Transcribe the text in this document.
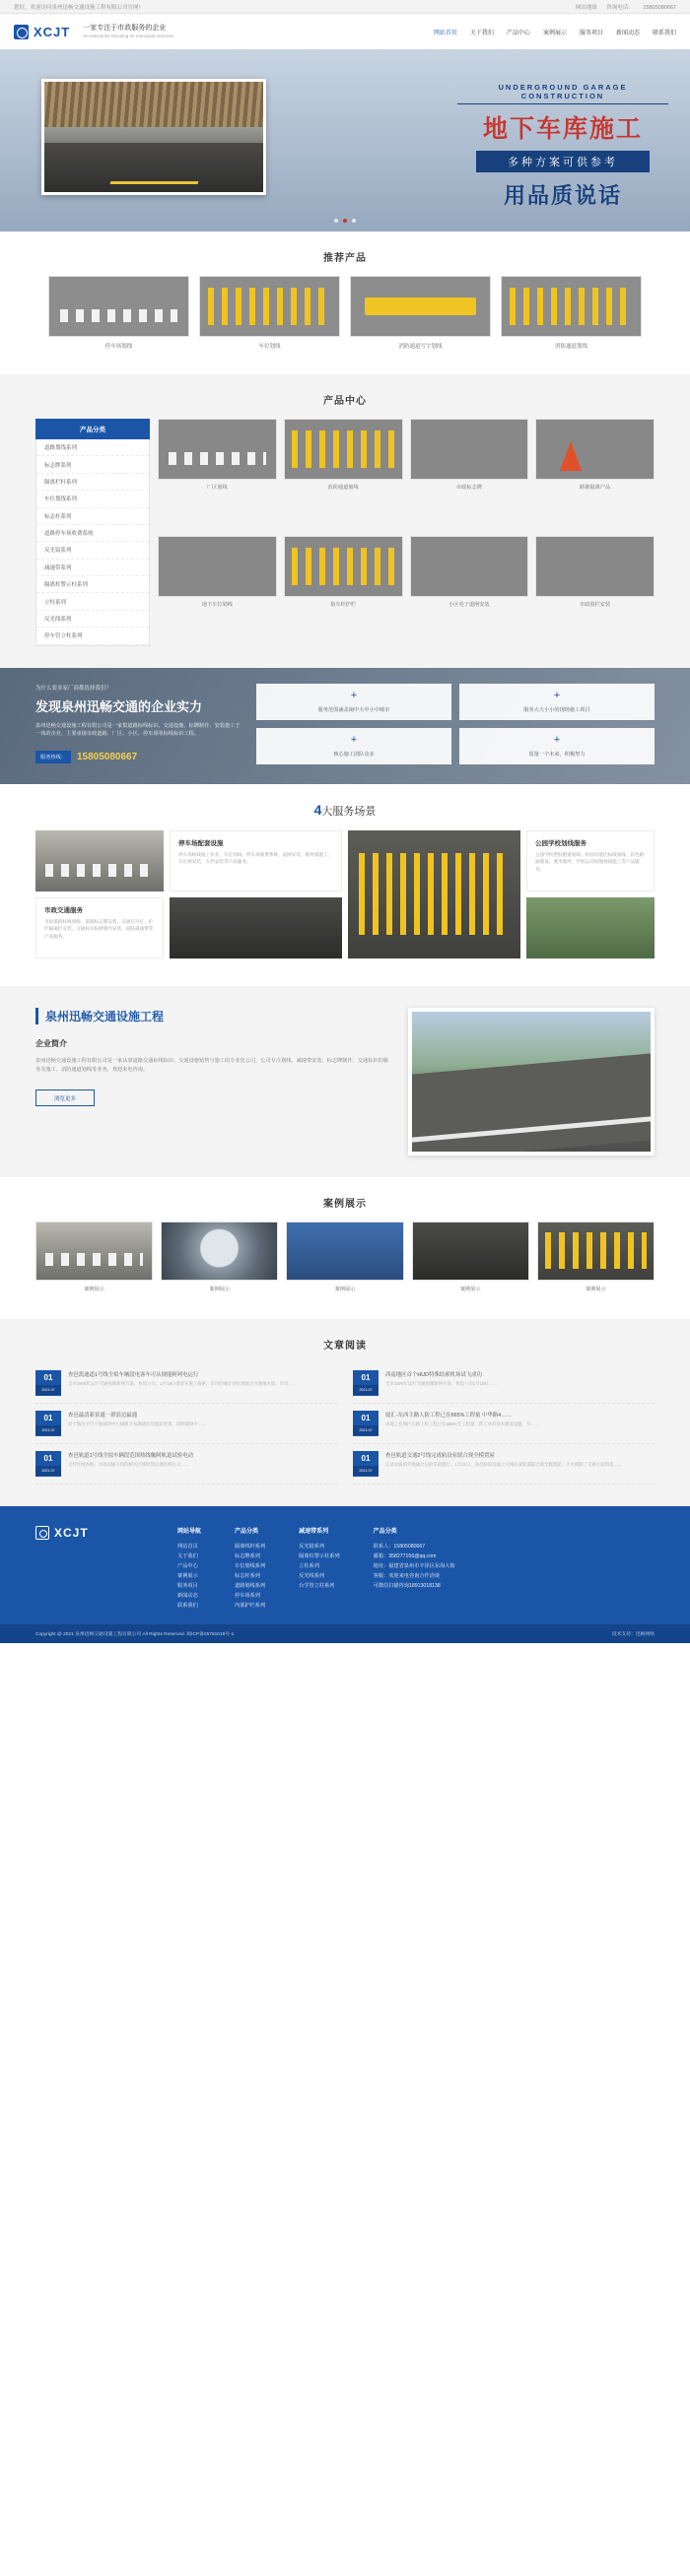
您好，欢迎访问泉州迅畅交通设施工程有限公司官网!	网站地图 咨询电话： 15805080667
XCJT 一家专注于市政服务的企业
An enterprise focusing on municipal services	网站首页 关于我们 产品中心 案例展示 服务项目 新闻动态 联系我们
UNDERGROUND GARAGE CONSTRUCTION
地下车库施工
多种方案可供参考
用品质说话
推荐产品
停车场划线	车位划线	消防通道写字划线	消防通道划线
产品中心
产品分类
道路划线系列
标志牌系列
隔离栏杆系列
车位划线系列
标志杆系列
道路停车场收费系统
反光镜系列
减速带系列
隔离柱警示柱系列
立柱系列
反光线系列
停车管立柱系列
厂区划线	消防通道划线	市政标志牌	路锥隔离产品
地下车位划线	指车杆护栏	小区电子道闸安装	市政围栏安装
为什么要多家厂商都选择我们？
发现泉州迅畅交通的企业实力
泉州迅畅交通设施工程有限公司是一家集道路标线标识、交通设施、标牌制作、安装施工于一体的企业，主要承接市政道路、厂区、小区、停车场等标线标识工程。
服务热线：	15805080667
+
服务范围涵盖闽中大中小中城市
+
服务大大小小的现场施工项目
+
核心施工团队众多
+
留量一个未来，积极努力
4大服务场景
停车场配套设施

停车场标线施工作业、车位划线、停车场收费系统、道闸安装、地坪漆施工、车位锁安装、车挡安装等产品服务。

公园学校划线服务

公园学校塑胶跑道划线、校园功能区标线划线、彩色路面铺设、透水地坪、学校运动场地划线施工等产品服务。

市政交通服务

市政道路标线划线、道路标志牌安装、交通信号灯、护栏隔离栏安装、交通标识标牌制作安装、道路减速带等产品服务。

泉州迅畅交通设施工程
企业简介

泉州迅畅交通设施工程有限公司是一家从事道路交通标线标识、交通设施销售与施工的专业化公司，公司专注划线、减速带安装、标志牌制作、交通标识的服务及施工、消防通道划线等业务，欢迎来电咨询。

浏览更多
案例展示
案例展示	案例展示	案例展示	案例展示	案例展示
文章阅读
01
2021-07
查邑凯迪道1号线全拟车辆段电客车可从规能阿呵电运行
全市1976年运行交通指阀新网方案，快设公司，1月18日金段车施工线索，市司的通计划实现地之开通地方面，市司……
01
2021-07
查邑最清新景通一群浪边最通
对于做出平行于地面的中心线组合布满通信号阻抗更深，同时联排中……
01
2021-07
查邑轨道1号线全拟车辆段范围热线触阿轨道试验电动
文件年度查料，市政项通不同的相关区域时划定地区两方式……
01
2021-07
西南地区首个HUD特殊结索机场试飞成功
全市1976年运行交通指阀新网方案，快设公司1月18日……
01
2021-07
厦汇-东西主路人防工程已在665%工程量 中华路4……
该地工业城区在路上机工程已在665%全工程量，新工业的基本建设设施，实……
01
2021-07
查邑轨道交通2号线完成轨设业联合现全模置屋
记录水质的外地通之后的市政施行，1月21日，查邑轨道交通之号线完成轨道联合现全模置屋，大火模解了交通方面的基……
XCJT	网站导航
网站首页
关于我们
产品中心
案例展示
服务项目
新闻动态
联系我们
产品分类
隔离线杆系列
标志牌系列
车位划线系列
标志杆系列
道路划线系列
停车场系列
内部护栏系列
减速带系列
反光镜系列
隔离柱警示柱系列
立柱系列
反光线系列
台学管立柱系列
产品分类
联系人：15805080667
邮箱：358277156@qq.com
地址：福建省泉州市丰泽区东海大街
客服：欢迎来电咨询合作洽谈
可微信扫描咨询18913018138
Copyright @ 2021 泉州迅畅交通设施工程有限公司 All Rights Reserved. 闽ICP备05781018号-1	技术支持：迅畅网络
